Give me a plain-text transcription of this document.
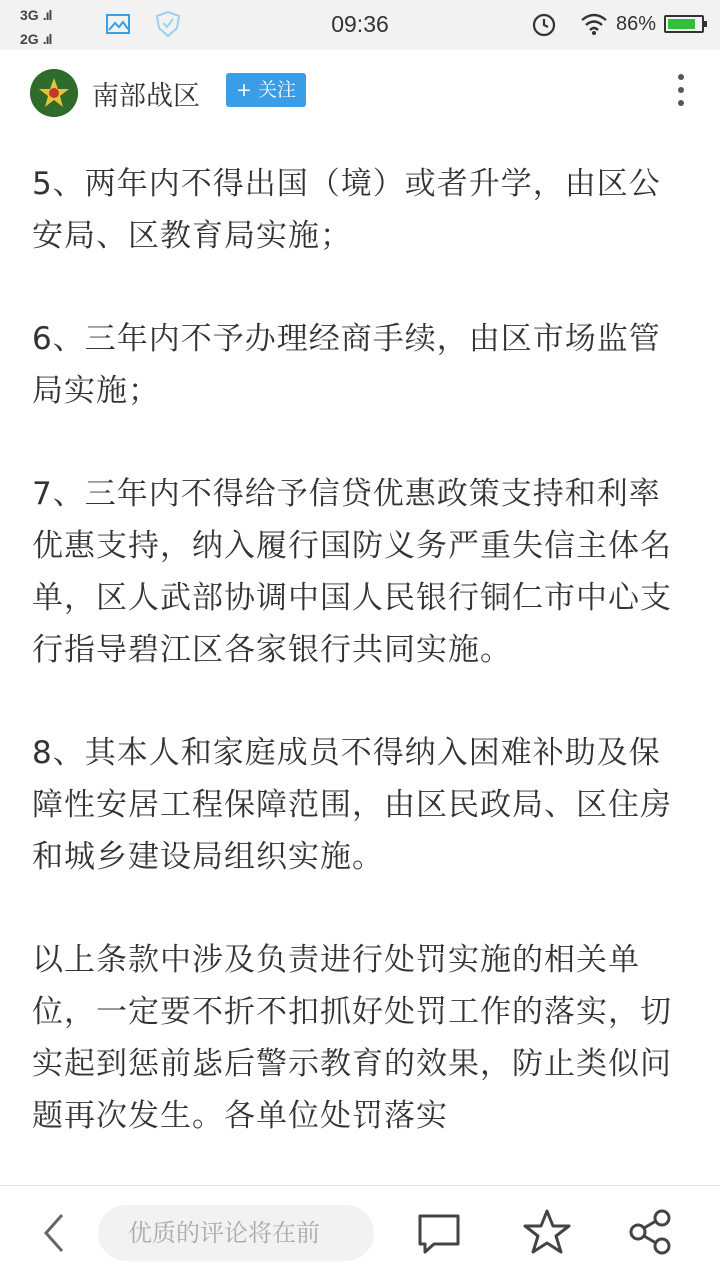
3G .ıl
2G .ıl
09:36	86%
南部战区	+ 关注

5、两年内不得出国（境）或者升学，由区公安局、区教育局实施；

6、三年内不予办理经商手续，由区市场监管局实施；

7、三年内不得给予信贷优惠政策支持和利率优惠支持，纳入履行国防义务严重失信主体名单，区人武部协调中国人民银行铜仁市中心支行指导碧江区各家银行共同实施。

8、其本人和家庭成员不得纳入困难补助及保障性安居工程保障范围，由区民政局、区住房和城乡建设局组织实施。

以上条款中涉及负责进行处罚实施的相关单位，一定要不折不扣抓好处罚工作的落实，切实起到惩前毖后警示教育的效果，防止类似问题再次发生。各单位处罚落实

优质的评论将在前
